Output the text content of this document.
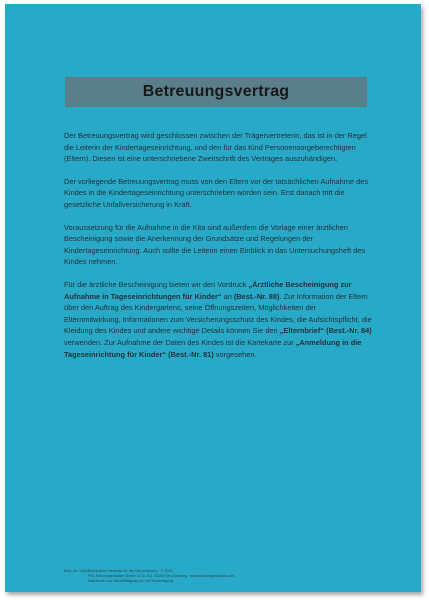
Betreuungsvertrag

Der Betreuungsvertrag wird geschlossen zwischen der Trägervertreterin, das ist in der Regel die Leiterin der Kindertageseinrichtung, und den für das Kind Personensorgeberechtigten (Eltern). Diesen ist eine unterschriebene Zweitschrift des Vertrages auszuhändigen.

Der vorliegende Betreuungsvertrag muss von den Eltern vor der tatsächlichen Aufnahme des Kindes in die Kindertageseinrichtung unterschrieben worden sein. Erst danach tritt die gesetzliche Unfallversicherung in Kraft.

Voraussetzung für die Aufnahme in die Kita sind außerdem die Vorlage einer ärztlichen Bescheinigung sowie die Anerkennung der Grundsätze und Regelungen der Kindertageseinrichtung. Auch sollte die Leiterin einen Einblick in das Untersuchungsheft des Kindes nehmen.

Für die ärztliche Bescheinigung bieten wir den Vordruck „Ärztliche Bescheinigung zur Aufnahme in Tageseinrichtungen für Kinder“ an (Best.-Nr. 88). Zur Information der Eltern über den Auftrag des Kindergartens, seine Öffnungszeiten, Möglichkeiten der Elternmitwirkung, Informationen zum Versicherungsschutz des Kindes, die Aufsichtspflicht, die Kleidung des Kindes und andere wichtige Details können Sie den „Elternbrief“ (Best.-Nr. 84) verwenden. Zur Aufnahme der Daten des Kindes ist die Kartekarte zur „Anmeldung in die Tageseinrichtung für Kinder“ (Best.-Nr. 81) vorgesehen.

Best.-Nr. 150/12
Vertrauliche Hinweise für die Kita (vorlesen) · © 2013
PSL-Schulorganisation GmbH & Co. KG, 63263 Neu-Isenburg · www.schulorganisation.com
Nachdruck und Vervielfältigung nur mit Genehmigung
